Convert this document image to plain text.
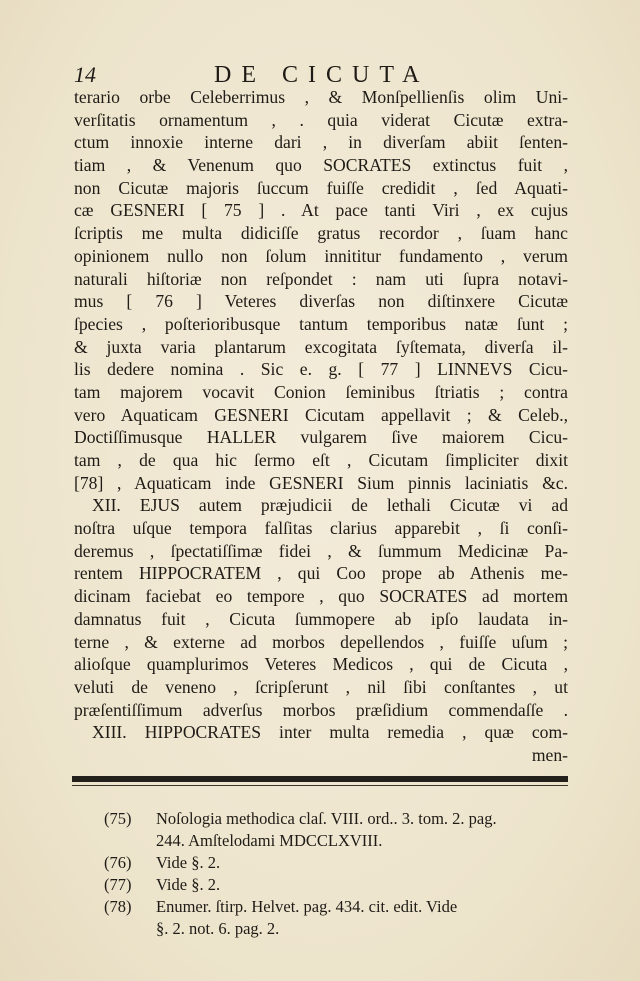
14	DE CICUTA
terario orbe Celeberrimus , & Monſpellienſis olim Uni-
verſitatis ornamentum , . quia viderat Cicutæ extra-
ctum innoxie interne dari , in diverſam abiit ſenten-
tiam , & Venenum quo SOCRATES extinctus fuit ,
non Cicutæ majoris ſuccum fuiſſe credidit , ſed Aquati-
cæ GESNERI [ 75 ] . At pace tanti Viri , ex cujus
ſcriptis me multa didiciſſe gratus recordor , ſuam hanc
opinionem nullo non ſolum innititur fundamento , verum
naturali hiſtoriæ non reſpondet : nam uti ſupra notavi-
mus [ 76 ] Veteres diverſas non diſtinxere Cicutæ
ſpecies , poſterioribusque tantum temporibus natæ ſunt ;
& juxta varia plantarum excogitata ſyſtemata, diverſa il-
lis dedere nomina . Sic e. g. [ 77 ] LINNEVS Cicu-
tam majorem vocavit Conion ſeminibus ſtriatis ; contra
vero Aquaticam GESNERI Cicutam appellavit ; & Celeb.,
Doctiſſimusque HALLER vulgarem ſive maiorem Cicu-
tam , de qua hic ſermo eſt , Cicutam ſimpliciter dixit
[78] , Aquaticam inde GESNERI Sium pinnis laciniatis &c.
XII. EJUS autem præjudicii de lethali Cicutæ vi ad
noſtra uſque tempora falſitas clarius apparebit , ſi conſi-
deremus , ſpectatiſſimæ fidei , & ſummum Medicinæ Pa-
rentem HIPPOCRATEM , qui Coo prope ab Athenis me-
dicinam faciebat eo tempore , quo SOCRATES ad mortem
damnatus fuit , Cicuta ſummopere ab ipſo laudata in-
terne , & externe ad morbos depellendos , fuiſſe uſum ;
alioſque quamplurimos Veteres Medicos , qui de Cicuta ,
veluti de veneno , ſcripſerunt , nil ſibi conſtantes , ut
præſentiſſimum adverſus morbos præſidium commendaſſe .
XIII. HIPPOCRATES inter multa remedia , quæ com-
men-
(75) Noſologia methodica claſ. VIII. ord.. 3. tom. 2. pag.
244. Amſtelodami MDCCLXVIII.
(76) Vide §. 2.
(77) Vide §. 2.
(78) Enumer. ſtirp. Helvet. pag. 434. cit. edit. Vide
§. 2. not. 6. pag. 2.
